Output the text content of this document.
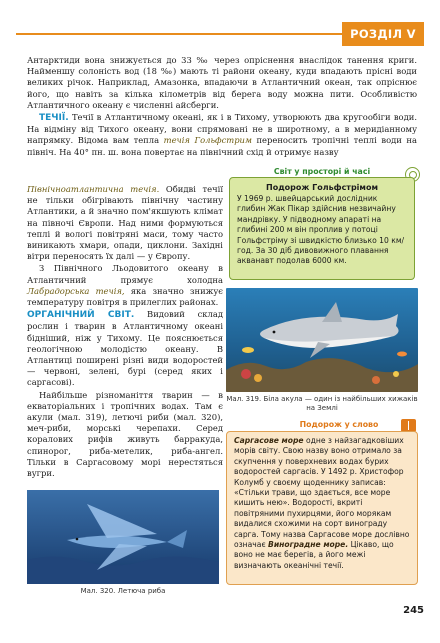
РОЗДІЛ V

Антарктиди вона знижується до 33 ‰ через опріснення внаслідок танення криги. Найменшу солоність вод (18 ‰) мають ті райони океану, куди впадають прісні води великих річок. Наприклад, Амазонка, впадаючи в Атлантичний океан, так опріснює його, що навіть за кілька кілометрів від берега воду можна пити. Особливістю Атлантичного океану є численні айсберги.

ТЕЧІЇ. Течії в Атлантичному океані, як і в Тихому, утворюють два кругообіги води. На відміну від Тихого океану, вони спрямовані не в широтному, а в меридіанному напрямку. Відома вам тепла течія Гольфстрим переносить тропічні теплі води на північ. На 40° пн. ш. вона повертає на північний схід й отримує назву

Світ у просторі й часі
Подорож Гольфстрімом
У 1969 р. швейцарський дослідник глибин Жак Пікар здійснив незвичайну мандрівку. У підводному апараті на глибині 200 м він проплив у потоці Гольфстріму зі швидкістю близько 10 км/год. За 30 діб дивовижного плавання акванавт подолав 6000 км.

Північноатлантична течія. Обидві течії не тільки обігрівають північну частину Атлантики, а й значно пом'якшують клімат на півночі Європи. Над ними формуються теплі й вологі повітряні маси, тому часто виникають хмари, опади, циклони. Західні вітри переносять їх далі — у Європу.

З Північного Льодовитого океану в Атлантичний прямує холодна Лабрадорська течія, яка значно знижує температуру повітря в прилеглих районах.

ОРГАНІЧНИЙ СВІТ. Видовий склад рослин і тварин в Атлантичному океані бідніший, ніж у Тихому. Це пояснюється геологічною молодістю океану. В Атлантиці поширені різні види водоростей — червоні, зелені, бурі (серед яких і саргасові).

Найбільше різноманіття тварин — в екваторіальних і тропічних водах. Там є акули (мал. 319), летючі риби (мал. 320), меч-риби, морські черепахи. Серед коралових рифів живуть барракуда, спинорог, риба-метелик, риба-ангел. Тільки в Саргасовому морі нерестяться вугри.

Мал. 319. Біла акула — один із найбільших хижаків на Землі
Подорож у слово
Саргасове море одне з найзагадковіших морів світу. Свою назву воно отримало за скупчення у поверхневих водах бурих водоростей саргасів. У 1492 р. Христофор Колумб у своєму щоденнику записав: «Стільки трави, що здається, все море кишить нею». Водорості, вкриті повітряними пухирцями, його морякам видалися схожими на сорт винограду сарга. Тому назва Саргасове море дослівно означає Виноградне море. Цікаво, що воно не має берегів, а його межі визначають океанічні течії.
Мал. 320. Летюча риба
245
